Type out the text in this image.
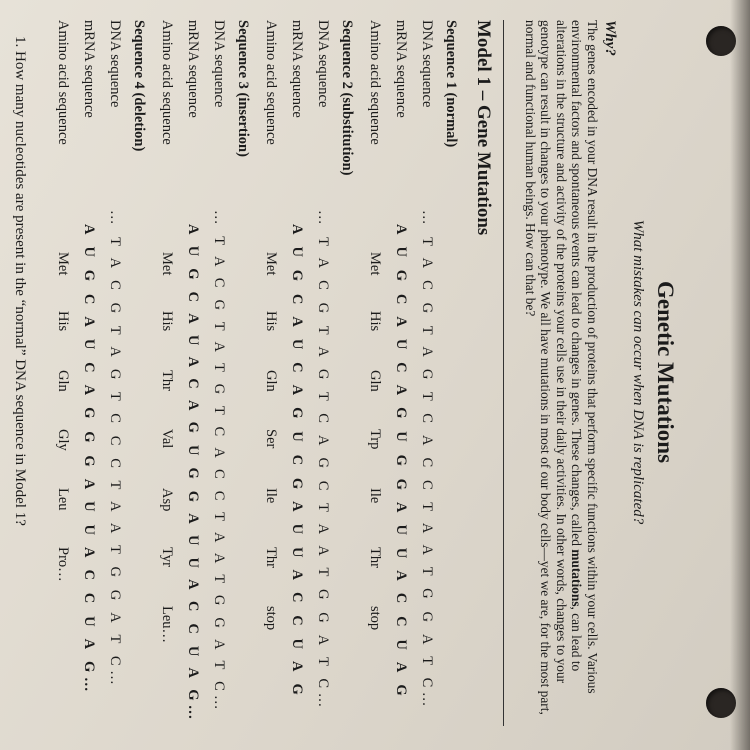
Genetic Mutations
What mistakes can occur when DNA is replicated?
Why?

The genes encoded in your DNA result in the production of proteins that perform specific functions within your cells. Various environmental factors and spontaneous events can lead to changes in genes. These changes, called mutations, can lead to alterations in the structure and activity of the proteins your cells use in their daily activities. In other words, changes to your genotype can result in changes to your phenotype. We all have mutations in most of our body cells—yet we are, for the most part, normal and functional human beings. How can that be?

Model 1 – Gene Mutations
Sequence 1 (normal)
DNA sequence
… T A C G T A G T C A C C T A A T G G A T C…
mRNA sequence
A U G C A U C A G U G G A U U A C C U A G
Amino acid sequence
Met
His
Gln
Trp
Ile
Thr
stop
Sequence 2 (substitution)
DNA sequence
… T A C G T A G T C A G C T A A T G G A T C…
mRNA sequence
A U G C A U C A G U C G A U U A C C U A G
Amino acid sequence
Met
His
Gln
Ser
Ile
Thr
stop
Sequence 3 (insertion)
DNA sequence
… T A C G T A T G T C A C C T A A T G G A T C…
mRNA sequence
A U G C A U A C A G U G G A U U A C C U A G…
Amino acid sequence
Met
His
Thr
Val
Asp
Tyr
Leu…
Sequence 4 (deletion)
DNA sequence
… T A C G T A G T C C C T A A T G G A T C…
mRNA sequence
A U G C A U C A G G G A U U A C C U A G…
Amino acid sequence
Met
His
Gln
Gly
Leu
Pro…
1. How many nucleotides are present in the “normal” DNA sequence in Model 1?
